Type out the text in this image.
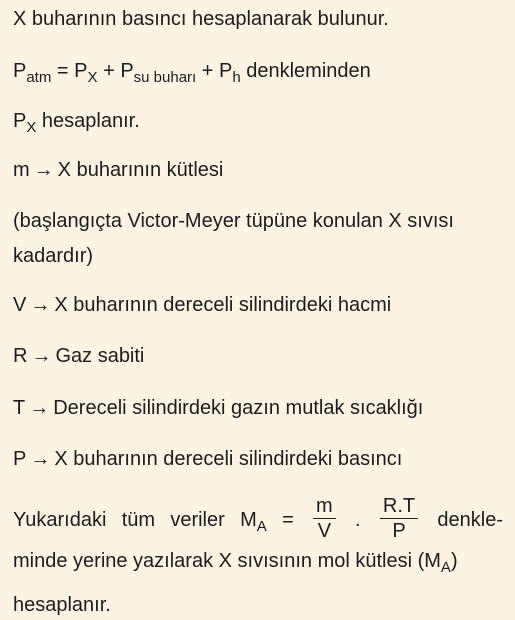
X buharının basıncı hesaplanarak bulunur.
$P_{atm} = P_X + P_{su buharı} + P_h$ denkleminden
$P_X$ hesaplanır.
m → X buharının kütlesi
(başlangıçta Victor-Meyer tüpüne konulan X sıvısı
kadardır)
V → X buharının dereceli silindirdeki hacmi
R → Gaz sabiti
T → Dereceli silindirdeki gazın mutlak sıcaklığı
P → X buharının dereceli silindirdeki basıncı
Yukarıdaki tüm veriler $M_A = \frac{m}{V}$ . $\frac{R.T}{P}$ denkle-
minde yerine yazılarak X sıvısının mol kütlesi $(M_A)$
hesaplanır.
